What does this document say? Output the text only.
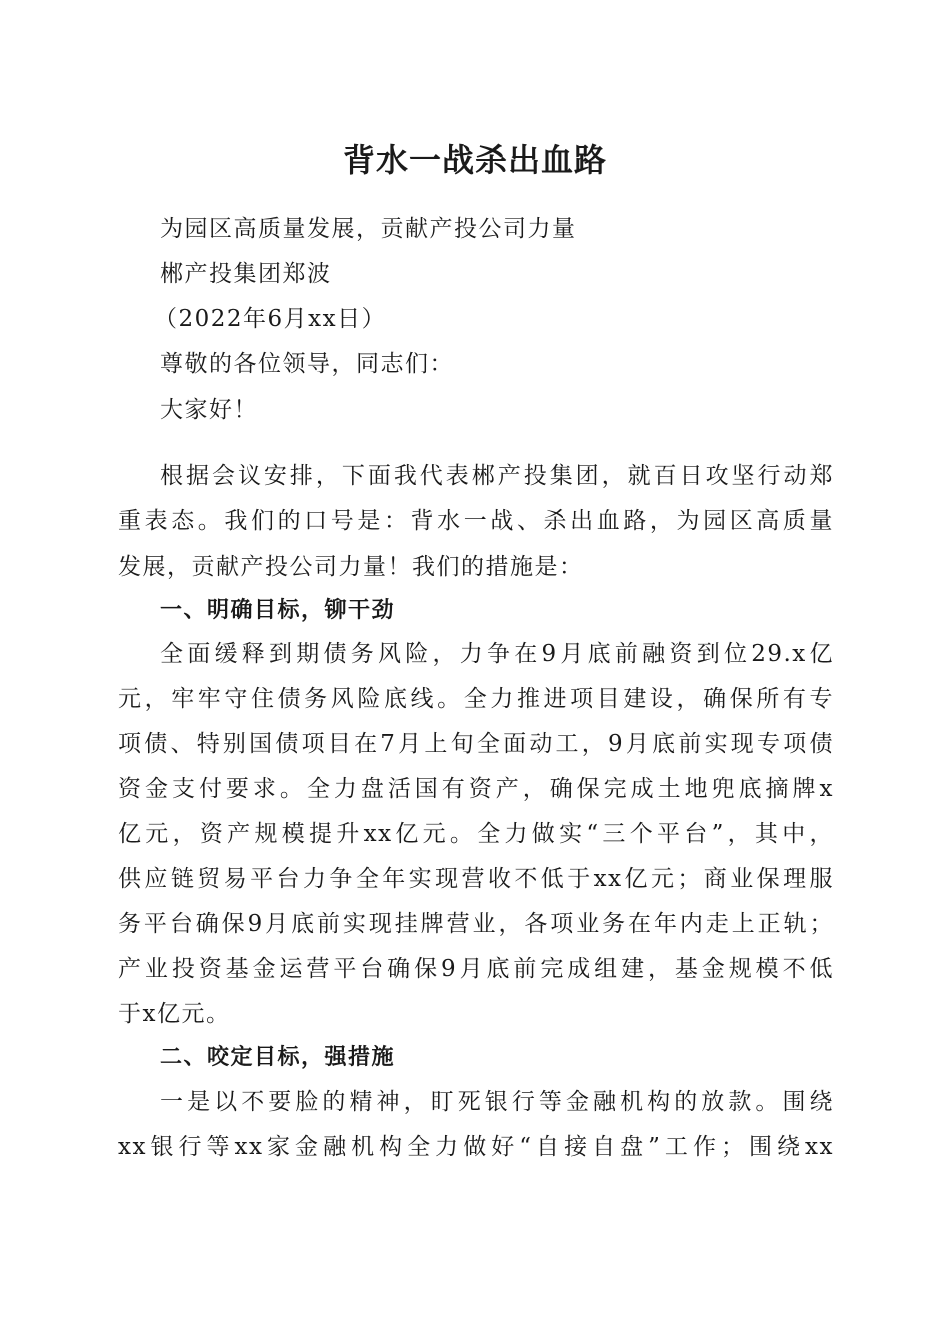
背水一战杀出血路
为园区高质量发展，贡献产投公司力量
郴产投集团郑波
（2022年6月xx日）
尊敬的各位领导，同志们：
大家好！
根据会议安排，下面我代表郴产投集团，就百日攻坚行动郑
重表态。我们的口号是：背水一战、杀出血路，为园区高质量
发展，贡献产投公司力量！我们的措施是：
一、明确目标，铆干劲
全面缓释到期债务风险，力争在9月底前融资到位29.x亿
元，牢牢守住债务风险底线。全力推进项目建设，确保所有专
项债、特别国债项目在7月上旬全面动工，9月底前实现专项债
资金支付要求。全力盘活国有资产，确保完成土地兜底摘牌x
亿元，资产规模提升xx亿元。全力做实“三个平台”，其中，
供应链贸易平台力争全年实现营收不低于xx亿元；商业保理服
务平台确保9月底前实现挂牌营业，各项业务在年内走上正轨；
产业投资基金运营平台确保9月底前完成组建，基金规模不低
于x亿元。
二、咬定目标，强措施
一是以不要脸的精神，盯死银行等金融机构的放款。围绕
xx银行等xx家金融机构全力做好“自接自盘”工作；围绕xx
